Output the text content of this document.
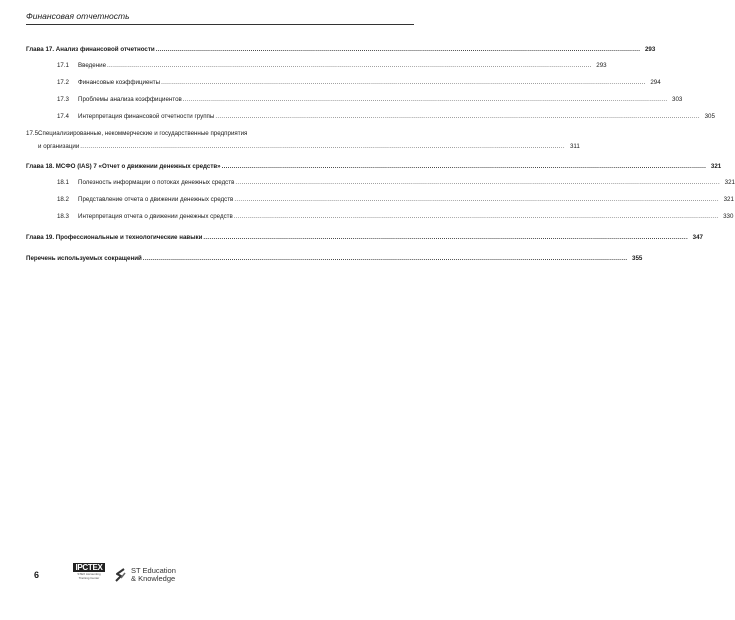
Финансовая отчетность
Глава 17. Анализ финансовой отчетности .....	293
17.1	Введение .....	293
17.2	Финансовые коэффициенты .....	294
17.3	Проблемы анализа коэффициентов .....	303
17.4	Интерпретация финансовой отчетности группы .....	305
17.5 Специализированные, некоммерческие и государственные предприятия
и организации .....	311
Глава 18. МСФО (IAS) 7 «Отчет о движении денежных средств» .....	321
18.1	Полезность информации о потоках денежных средств .....	321
18.2	Представление отчета о движении денежных средств .....	321
18.3	Интерпретация отчета о движении денежных средств .....	330
Глава 19. Профессиональные и технологические навыки .....	347
Перечень используемых сокращений .....	355
6
IPCTEX
STEX Accounting Training Center
ST Education
& Knowledge
